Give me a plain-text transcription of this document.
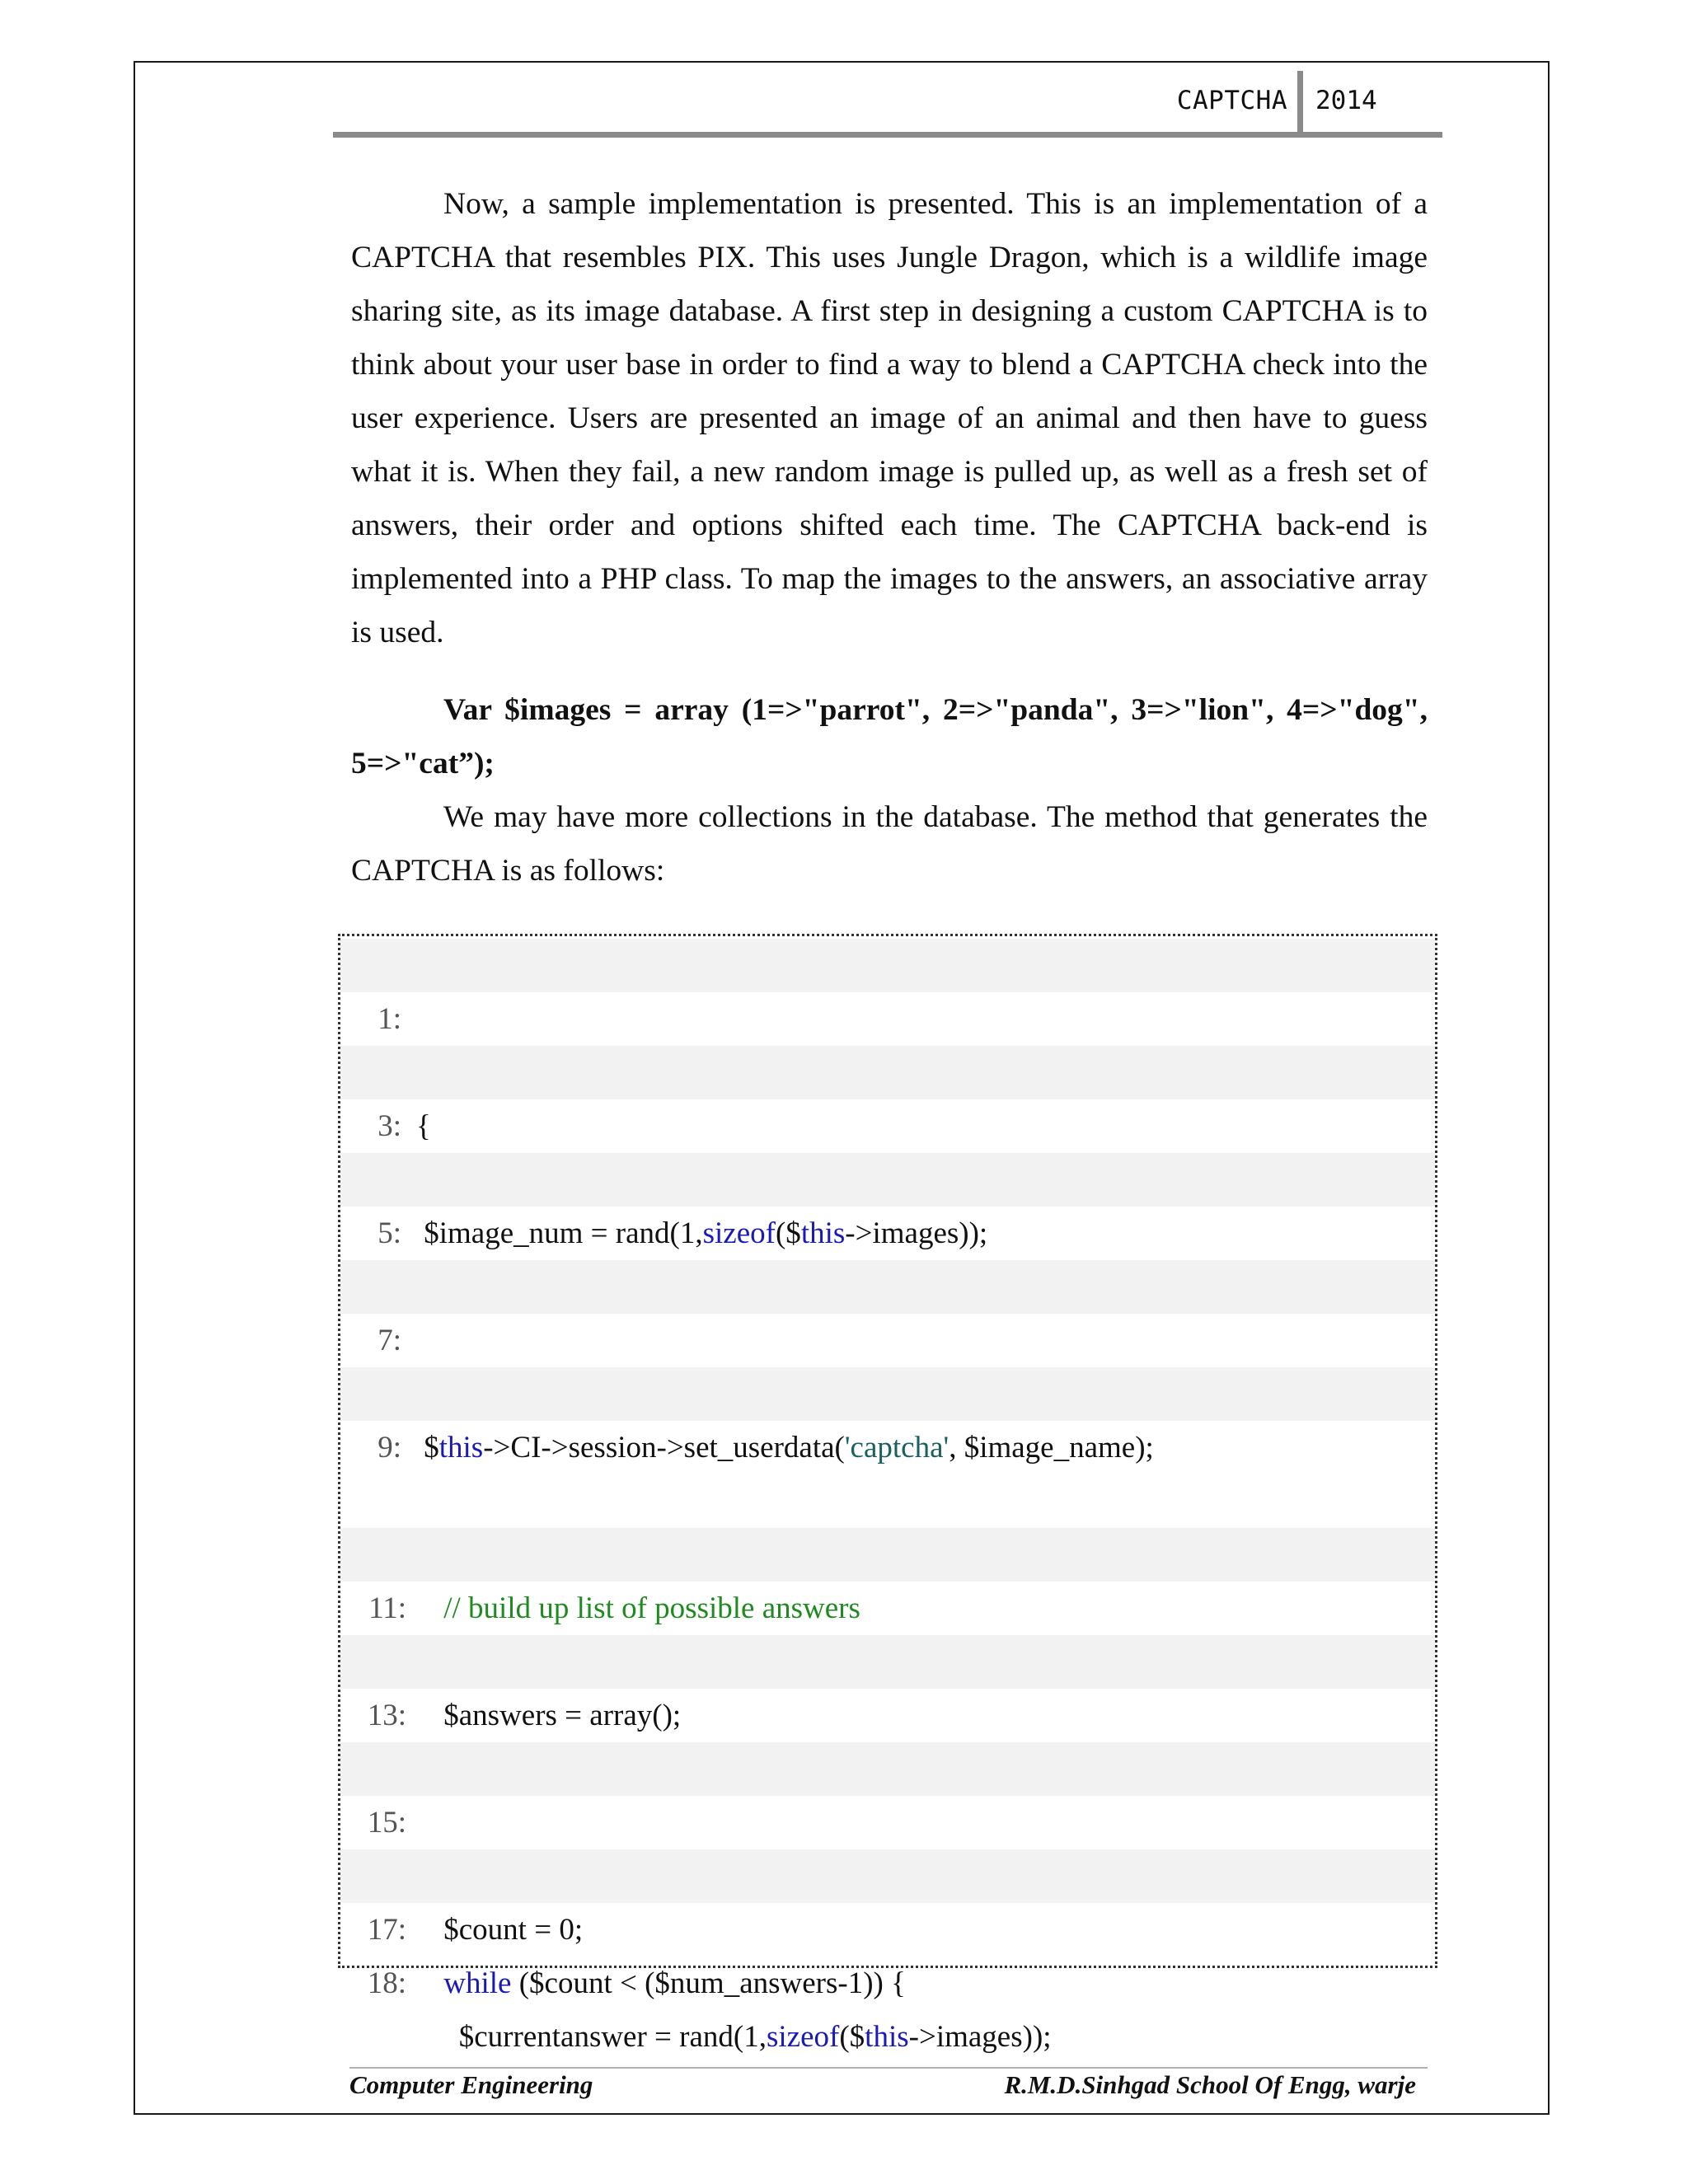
CAPTCHA 2014

Now, a sample implementation is presented. This is an implementation of a CAPTCHA that resembles PIX. This uses Jungle Dragon, which is a wildlife image sharing site, as its image database. A first step in designing a custom CAPTCHA is to think about your user base in order to find a way to blend a CAPTCHA check into the user experience. Users are presented an image of an animal and then have to guess what it is. When they fail, a new random image is pulled up, as well as a fresh set of answers, their order and options shifted each time. The CAPTCHA back-end is implemented into a PHP class. To map the images to the answers, an associative array is used.

Var $images = array (1=>"parrot", 2=>"panda", 3=>"lion", 4=>"dog", 5=>"cat”);

We may have more collections in the database. The method that generates the CAPTCHA is as follows:

1:

{

3:

$image_num = rand(1,sizeof($this->images));

5:

7:

$this->CI->session->set_userdata('captcha', $image_name);

9:

// build up list of possible answers

11:

$answers = array();

13:

15:

$count = 0;

17:

while ($count < ($num_answers-1)) {

18:

$currentanswer = rand(1,sizeof($this->images));

Computer Engineering	R.M.D.Sinhgad School Of Engg, warje
